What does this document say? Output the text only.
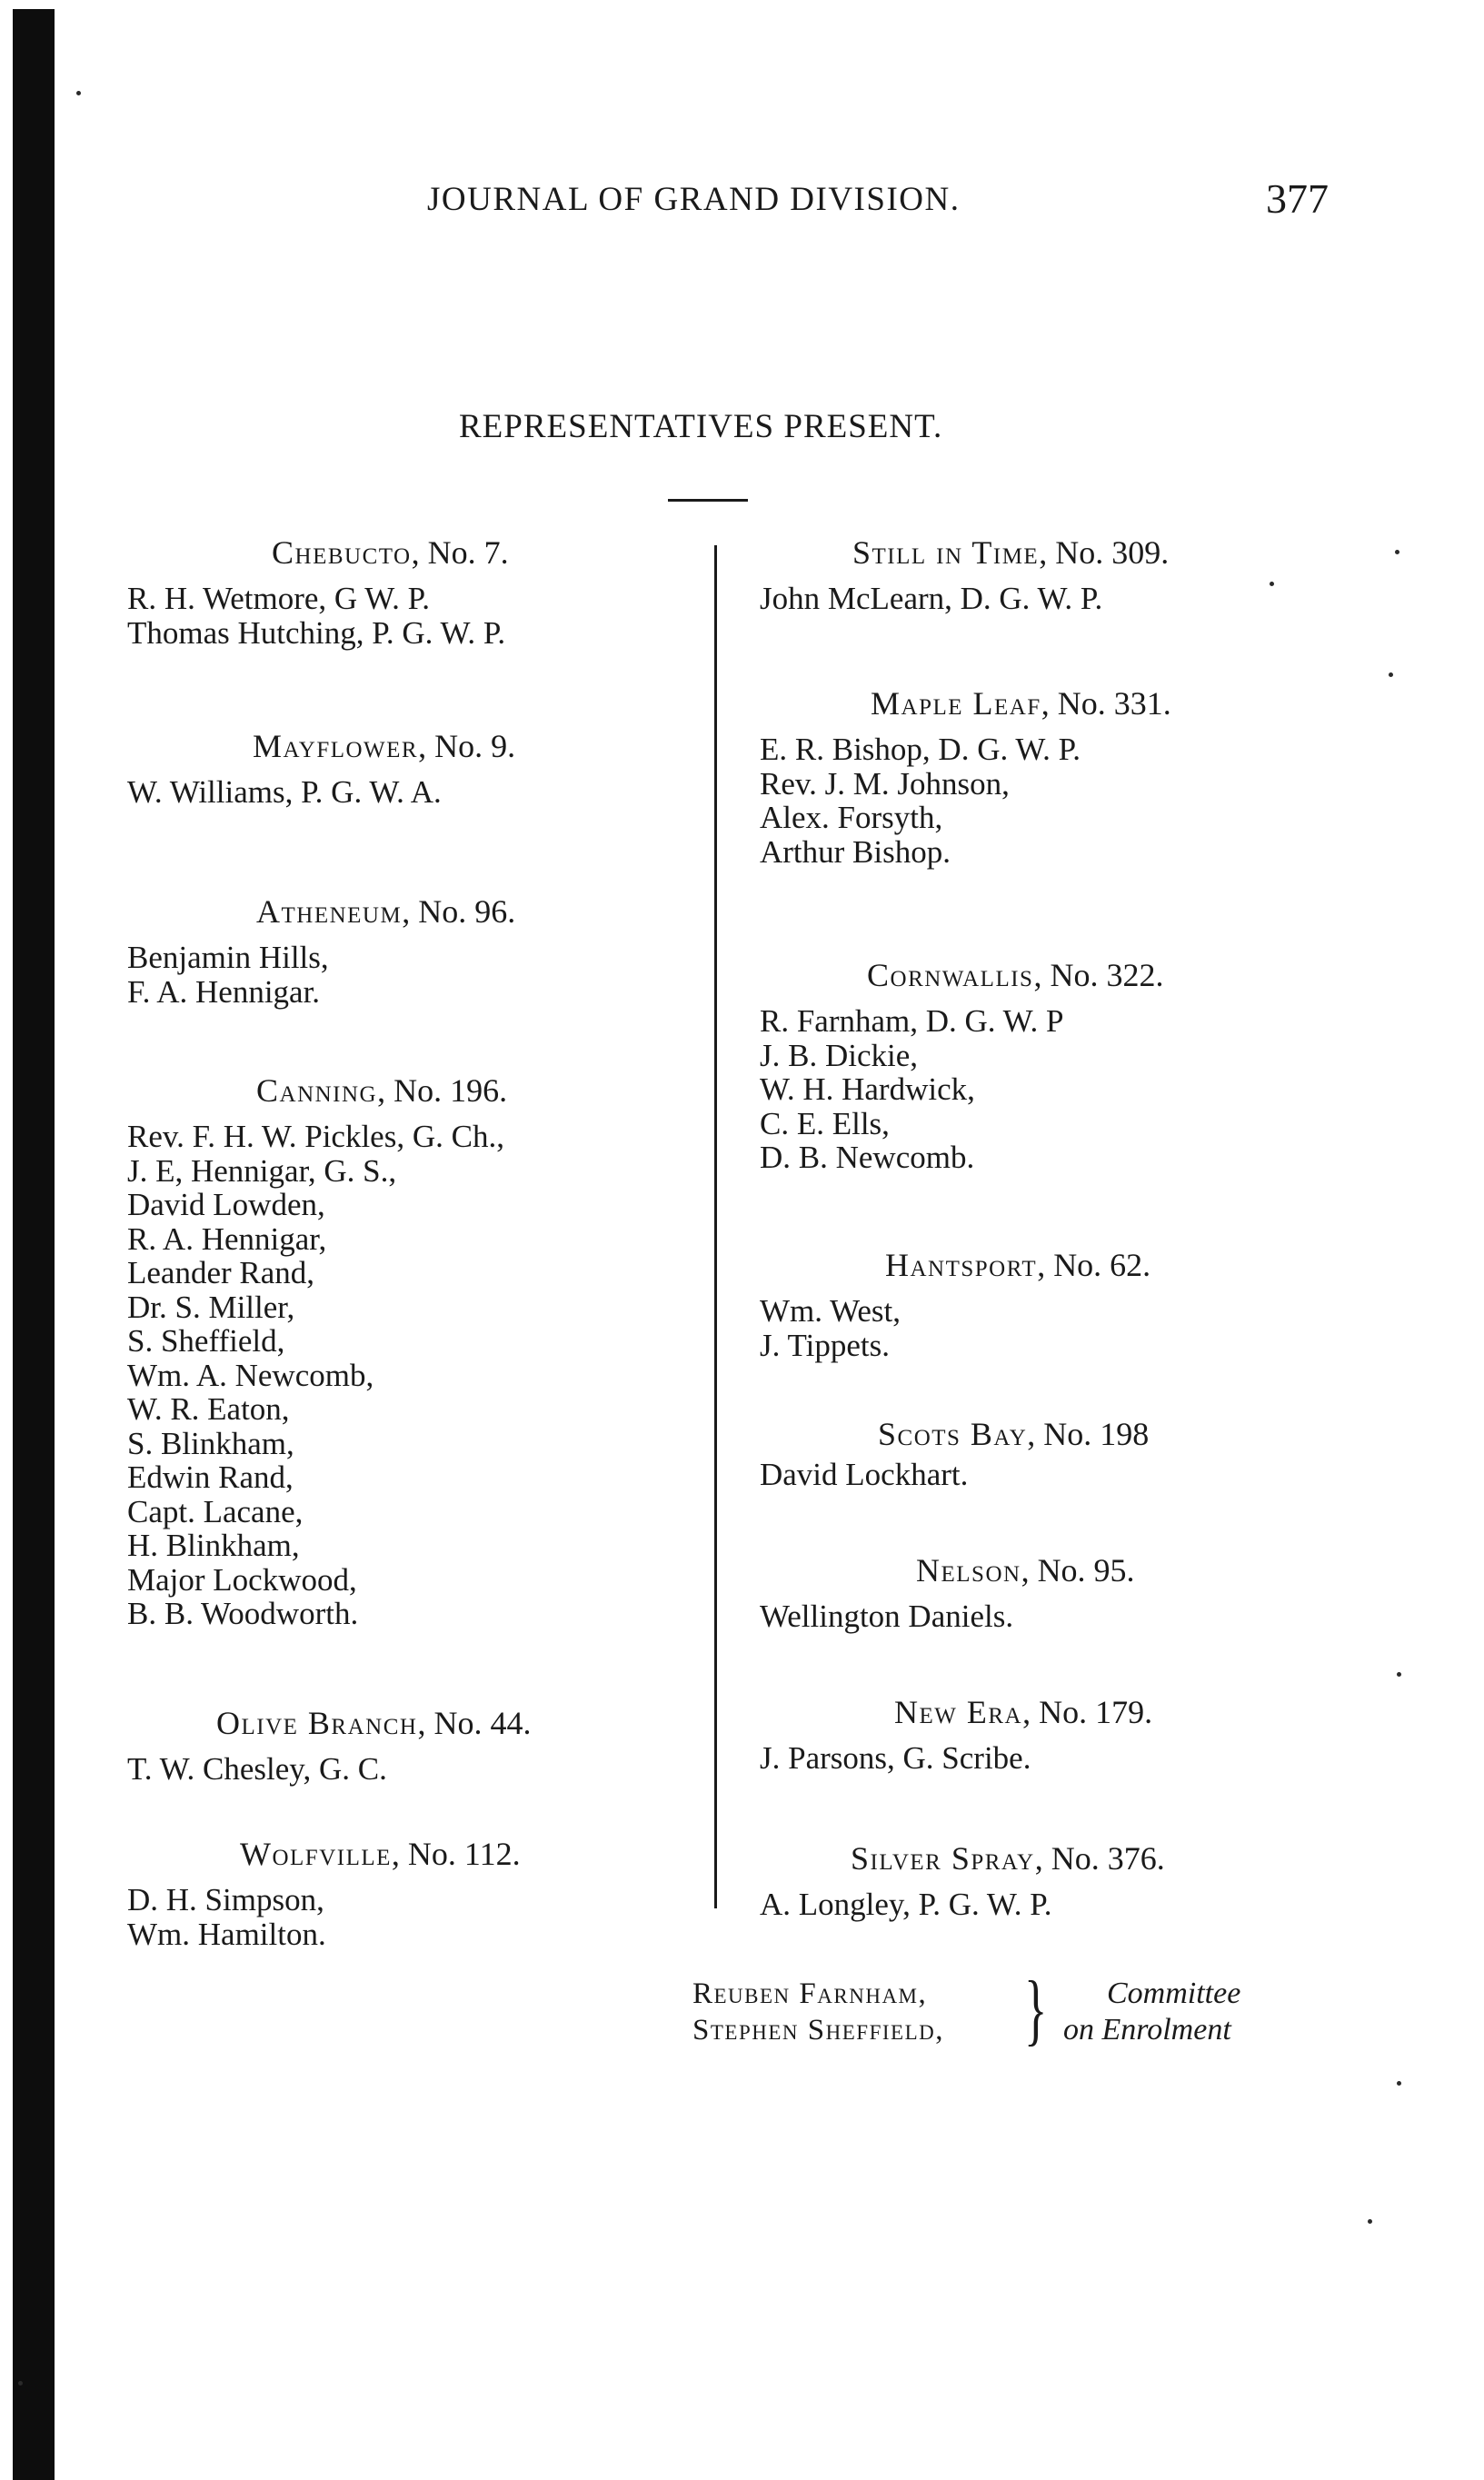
JOURNAL OF GRAND DIVISION.	377
REPRESENTATIVES PRESENT.
Chebucto, No. 7.
R. H. Wetmore, G W. P.
Thomas Hutching, P. G. W. P.
Mayflower, No. 9.
W. Williams, P. G. W. A.
Atheneum, No. 96.
Benjamin Hills,
F. A. Hennigar.
Canning, No. 196.
Rev. F. H. W. Pickles, G. Ch.,
J. E, Hennigar, G. S.,
David Lowden,
R. A. Hennigar,
Leander Rand,
Dr. S. Miller,
S. Sheffield,
Wm. A. Newcomb,
W. R. Eaton,
S. Blinkham,
Edwin Rand,
Capt. Lacane,
H. Blinkham,
Major Lockwood,
B. B. Woodworth.
Olive Branch, No. 44.
T. W. Chesley, G. C.
Wolfville, No. 112.
D. H. Simpson,
Wm. Hamilton.
Still in Time, No. 309.
John McLearn, D. G. W. P.
Maple Leaf, No. 331.
E. R. Bishop, D. G. W. P.
Rev. J. M. Johnson,
Alex. Forsyth,
Arthur Bishop.
Cornwallis, No. 322.
R. Farnham, D. G. W. P
J. B. Dickie,
W. H. Hardwick,
C. E. Ells,
D. B. Newcomb.
Hantsport, No. 62.
Wm. West,
J. Tippets.
Scots Bay, No. 198
David Lockhart.
Nelson, No. 95.
Wellington Daniels.
New Era, No. 179.
J. Parsons, G. Scribe.
Silver Spray, No. 376.
A. Longley, P. G. W. P.
Reuben Farnham,
Stephen Sheffield, }	Committee
on Enrolment
